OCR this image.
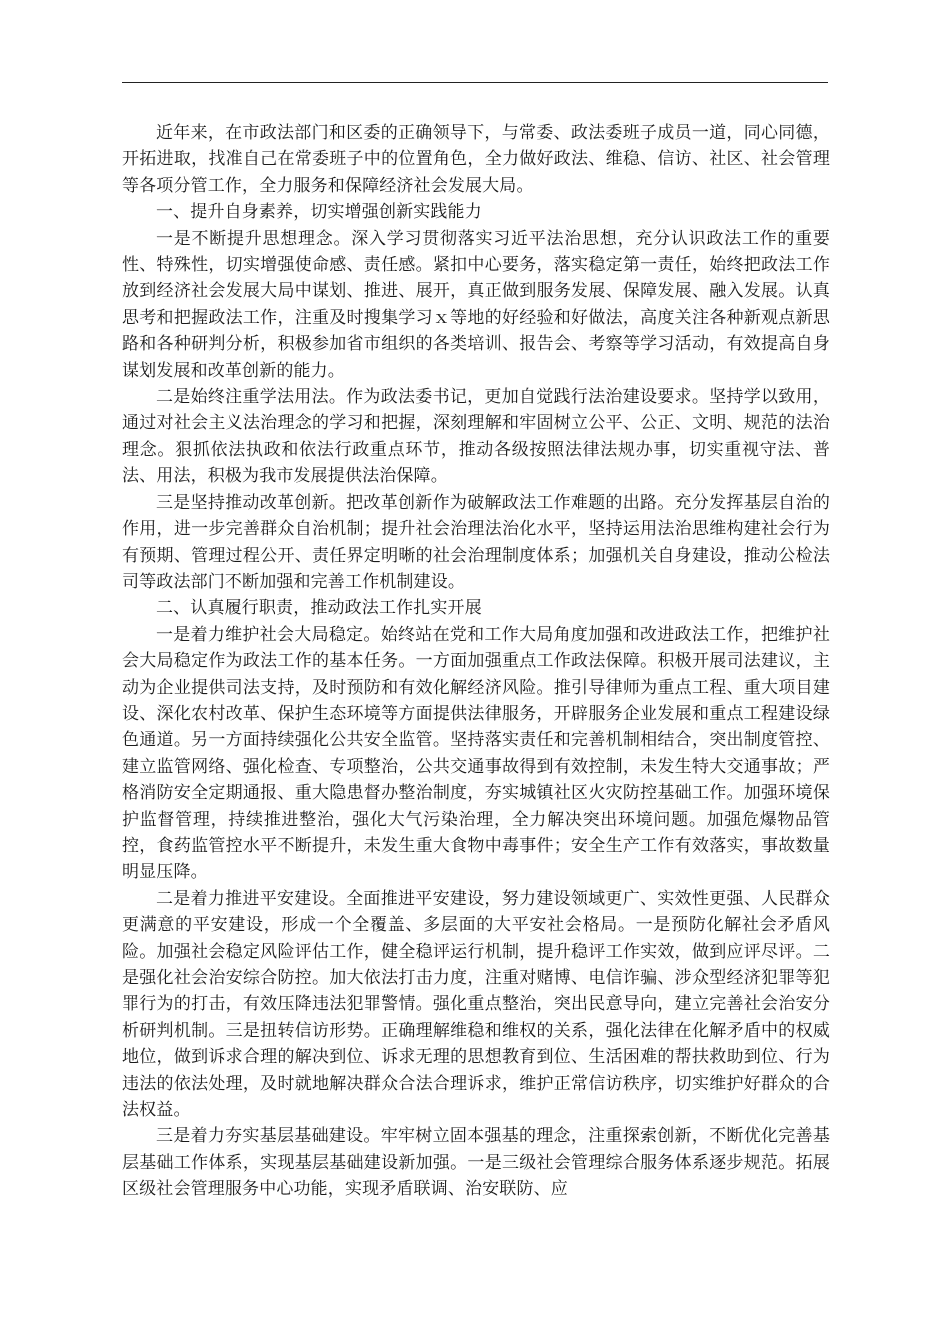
近年来，在市政法部门和区委的正确领导下，与常委、政法委班子成员一道，同心同德，开拓进取，找准自己在常委班子中的位置角色，全力做好政法、维稳、信访、社区、社会管理等各项分管工作，全力服务和保障经济社会发展大局。

一、提升自身素养，切实增强创新实践能力

一是不断提升思想理念。深入学习贯彻落实习近平法治思想，充分认识政法工作的重要性、特殊性，切实增强使命感、责任感。紧扣中心要务，落实稳定第一责任，始终把政法工作放到经济社会发展大局中谋划、推进、展开，真正做到服务发展、保障发展、融入发展。认真思考和把握政法工作，注重及时搜集学习ｘ等地的好经验和好做法，高度关注各种新观点新思路和各种研判分析，积极参加省市组织的各类培训、报告会、考察等学习活动，有效提高自身谋划发展和改革创新的能力。

二是始终注重学法用法。作为政法委书记，更加自觉践行法治建设要求。坚持学以致用，通过对社会主义法治理念的学习和把握，深刻理解和牢固树立公平、公正、文明、规范的法治理念。狠抓依法执政和依法行政重点环节，推动各级按照法律法规办事，切实重视守法、普法、用法，积极为我市发展提供法治保障。

三是坚持推动改革创新。把改革创新作为破解政法工作难题的出路。充分发挥基层自治的作用，进一步完善群众自治机制；提升社会治理法治化水平，坚持运用法治思维构建社会行为有预期、管理过程公开、责任界定明晰的社会治理制度体系；加强机关自身建设，推动公检法司等政法部门不断加强和完善工作机制建设。

二、认真履行职责，推动政法工作扎实开展

一是着力维护社会大局稳定。始终站在党和工作大局角度加强和改进政法工作，把维护社会大局稳定作为政法工作的基本任务。一方面加强重点工作政法保障。积极开展司法建议，主动为企业提供司法支持，及时预防和有效化解经济风险。推引导律师为重点工程、重大项目建设、深化农村改革、保护生态环境等方面提供法律服务，开辟服务企业发展和重点工程建设绿色通道。另一方面持续强化公共安全监管。坚持落实责任和完善机制相结合，突出制度管控、建立监管网络、强化检查、专项整治，公共交通事故得到有效控制，未发生特大交通事故；严格消防安全定期通报、重大隐患督办整治制度，夯实城镇社区火灾防控基础工作。加强环境保护监督管理，持续推进整治，强化大气污染治理，全力解决突出环境问题。加强危爆物品管控，食药监管控水平不断提升，未发生重大食物中毒事件；安全生产工作有效落实，事故数量明显压降。

二是着力推进平安建设。全面推进平安建设，努力建设领域更广、实效性更强、人民群众更满意的平安建设，形成一个全覆盖、多层面的大平安社会格局。一是预防化解社会矛盾风险。加强社会稳定风险评估工作，健全稳评运行机制，提升稳评工作实效，做到应评尽评。二是强化社会治安综合防控。加大依法打击力度，注重对赌博、电信诈骗、涉众型经济犯罪等犯罪行为的打击，有效压降违法犯罪警情。强化重点整治，突出民意导向，建立完善社会治安分析研判机制。三是扭转信访形势。正确理解维稳和维权的关系，强化法律在化解矛盾中的权威地位，做到诉求合理的解决到位、诉求无理的思想教育到位、生活困难的帮扶救助到位、行为违法的依法处理，及时就地解决群众合法合理诉求，维护正常信访秩序，切实维护好群众的合法权益。

三是着力夯实基层基础建设。牢牢树立固本强基的理念，注重探索创新，不断优化完善基层基础工作体系，实现基层基础建设新加强。一是三级社会管理综合服务体系逐步规范。拓展区级社会管理服务中心功能，实现矛盾联调、治安联防、应
